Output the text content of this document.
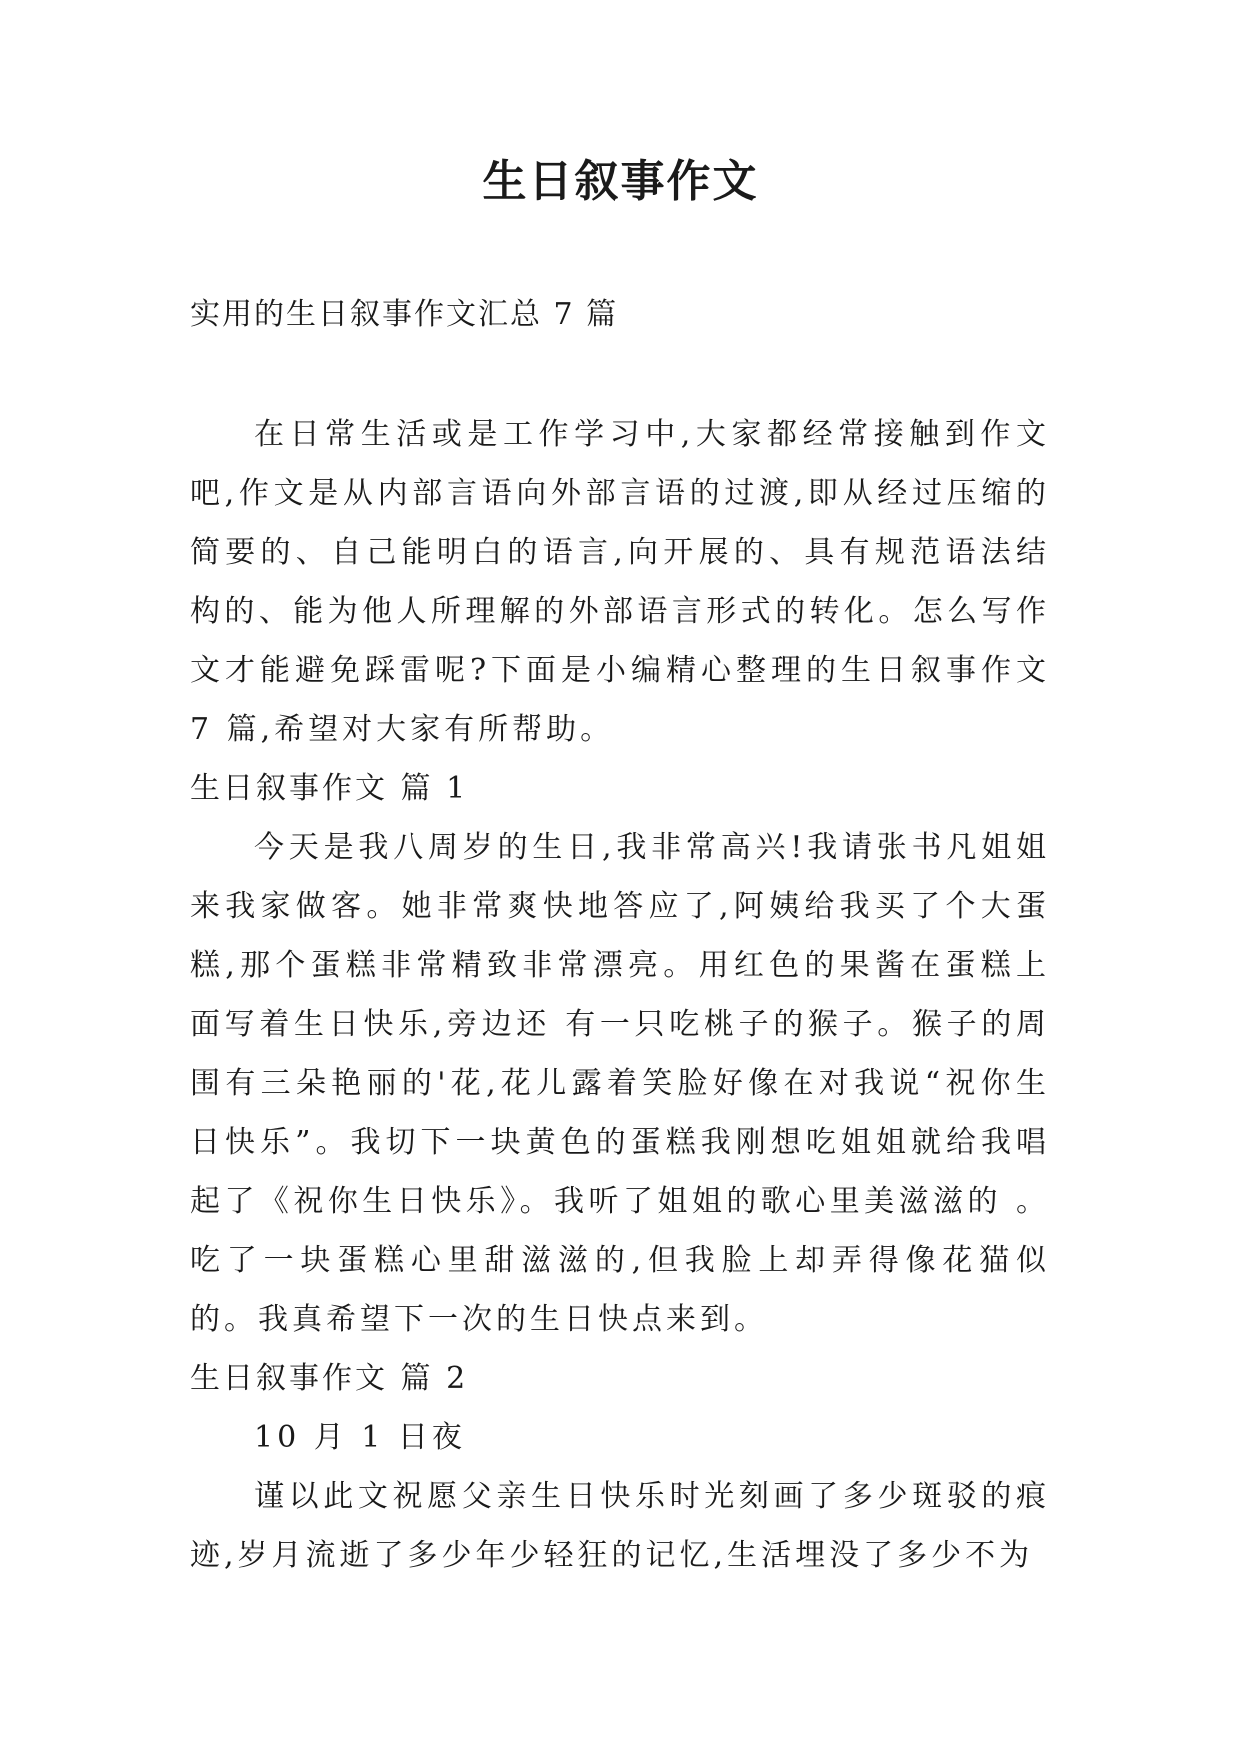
生日叙事作文

实用的生日叙事作文汇总 7 篇

在日常生活或是工作学习中,大家都经常接触到作文吧,作文是从内部言语向外部言语的过渡,即从经过压缩的简要的、自己能明白的语言,向开展的、具有规范语法结构的、能为他人所理解的外部语言形式的转化。怎么写作文才能避免踩雷呢?下面是小编精心整理的生日叙事作文 7 篇,希望对大家有所帮助。

生日叙事作文 篇 1

今天是我八周岁的生日,我非常高兴!我请张书凡姐姐来我家做客。她非常爽快地答应了,阿姨给我买了个大蛋糕,那个蛋糕非常精致非常漂亮。用红色的果酱在蛋糕上面写着生日快乐,旁边还 有一只吃桃子的猴子。猴子的周围有三朵艳丽的'花,花儿露着笑脸好像在对我说“祝你生日快乐”。我切下一块黄色的蛋糕我刚想吃姐姐就给我唱起了《祝你生日快乐》。我听了姐姐的歌心里美滋滋的 。吃了一块蛋糕心里甜滋滋的,但我脸上却弄得像花猫似的。我真希望下一次的生日快点来到。

生日叙事作文 篇 2

10 月 1 日夜

谨以此文祝愿父亲生日快乐时光刻画了多少斑驳的痕迹,岁月流逝了多少年少轻狂的记忆,生活埋没了多少不为
